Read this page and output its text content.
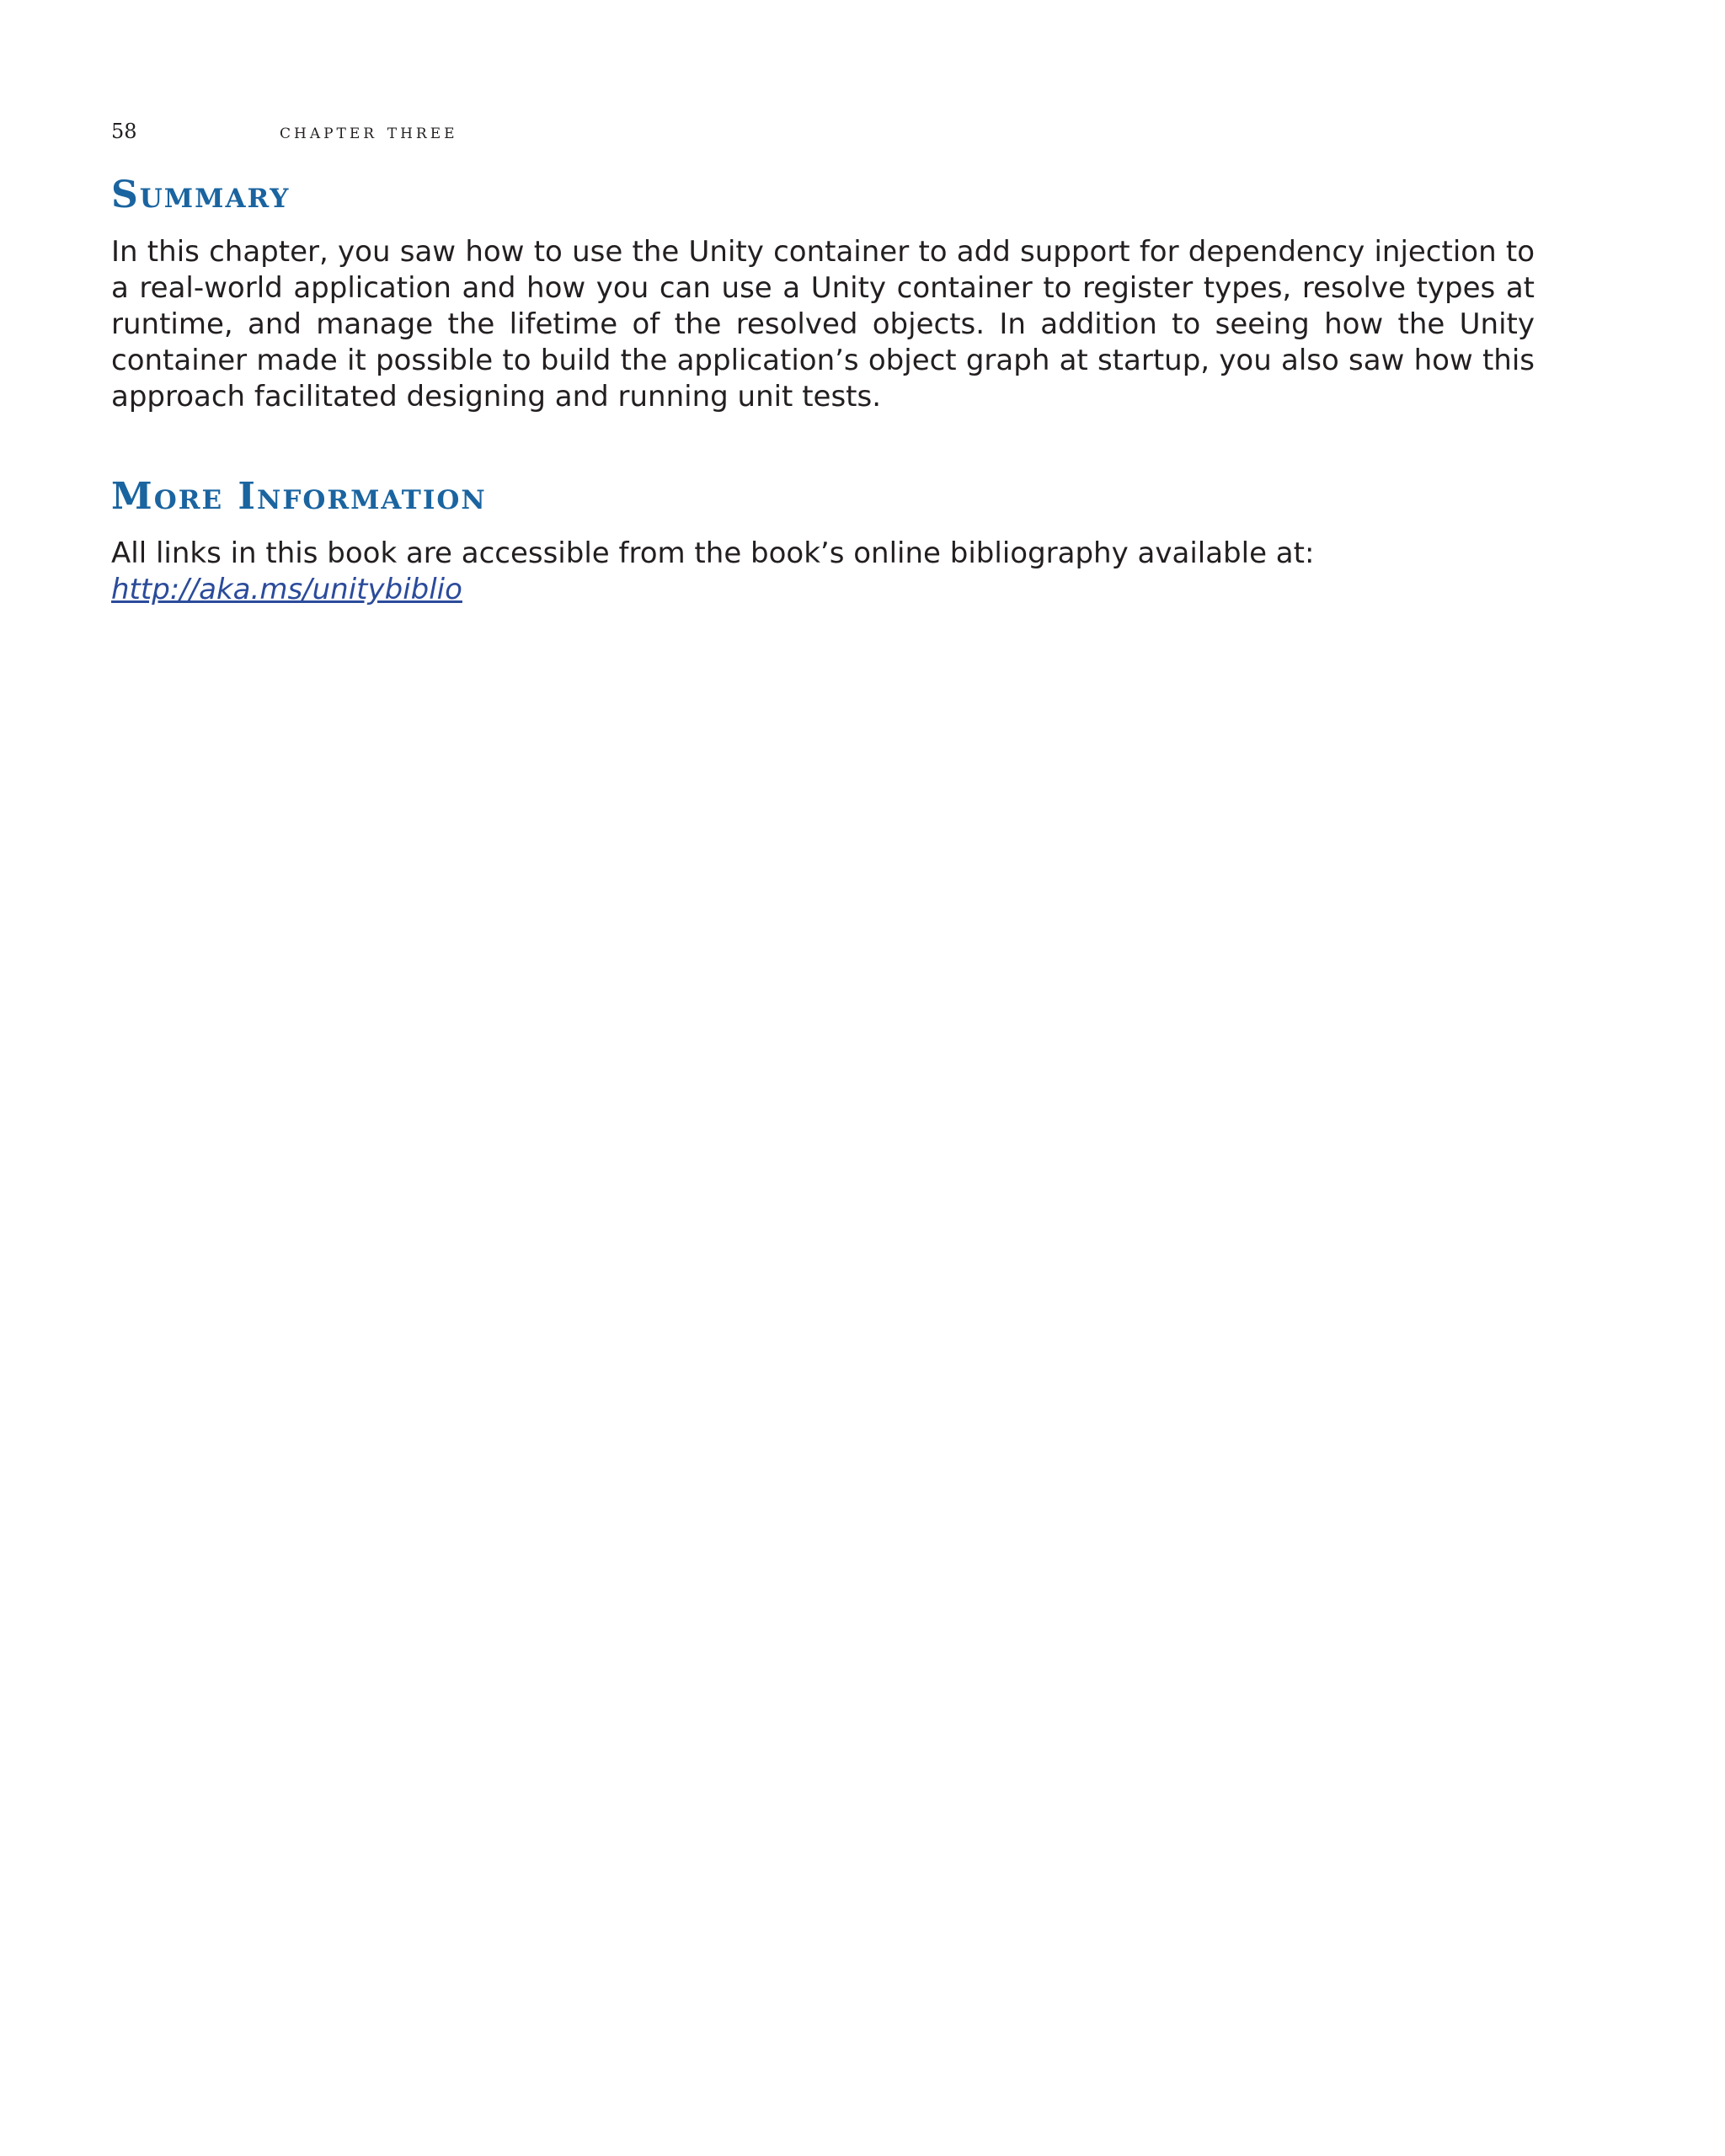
58	chapter three
Summary

In this chapter, you saw how to use the Unity container to add support for dependency injection to a real-world application and how you can use a Unity container to register types, resolve types at runtime, and manage the lifetime of the resolved objects. In addition to seeing how the Unity container made it possible to build the application’s object graph at startup, you also saw how this approach facilitated designing and running unit tests.

More Information

All links in this book are accessible from the book’s online bibliography available at: http://aka.ms/unitybiblio
